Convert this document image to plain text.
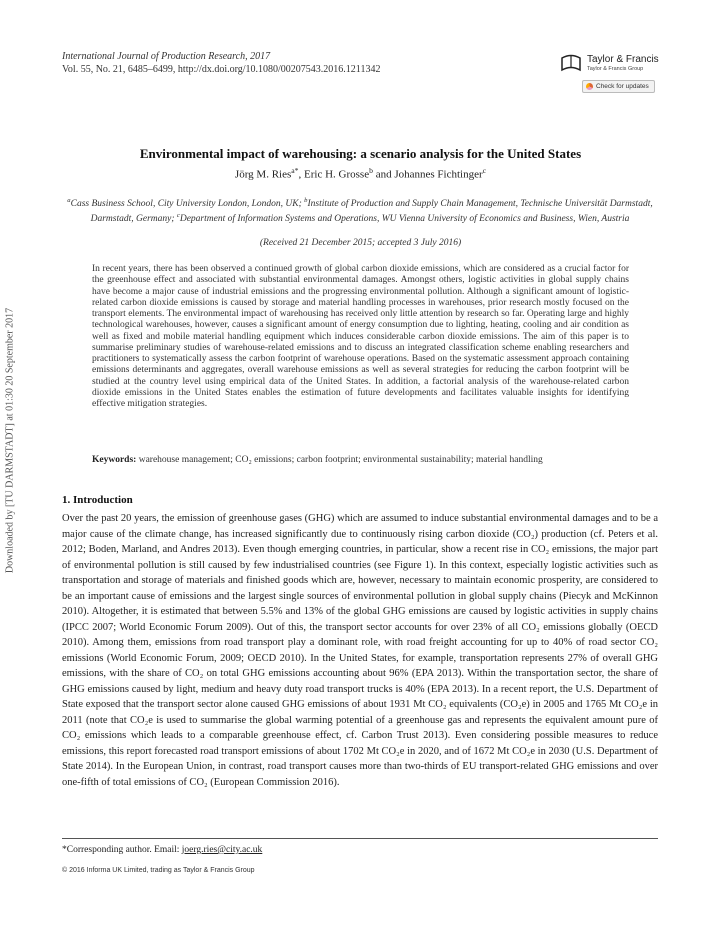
Downloaded by [TU DARMSTADT] at 01:30 20 September 2017
International Journal of Production Research, 2017
Vol. 55, No. 21, 6485–6499, http://dx.doi.org/10.1080/00207543.2016.1211342
Taylor & Francis
Taylor & Francis Group
Check for updates
Environmental impact of warehousing: a scenario analysis for the United States
Jörg M. Ries$^{a*}$, Eric H. Grosse$^b$ and Johannes Fichtinger$^c$
$^a$Cass Business School, City University London, London, UK; $^b$Institute of Production and Supply Chain Management, Technische Universität Darmstadt, Darmstadt, Germany; $^c$Department of Information Systems and Operations, WU Vienna University of Economics and Business, Wien, Austria
(Received 21 December 2015; accepted 3 July 2016)
In recent years, there has been observed a continued growth of global carbon dioxide emissions, which are considered as a crucial factor for the greenhouse effect and associated with substantial environmental damages. Amongst others, logistic activities in global supply chains have become a major cause of industrial emissions and the progressing environmental pollution. Although a significant amount of logistic-related carbon dioxide emissions is caused by storage and material handling processes in warehouses, prior research mostly focused on the transport elements. The environmental impact of warehousing has received only little attention by research so far. Operating large and highly technological warehouses, however, causes a significant amount of energy consumption due to lighting, heating, cooling and air condition as well as fixed and mobile material handling equipment which induces considerable carbon dioxide emissions. The aim of this paper is to summarise preliminary studies of warehouse-related emissions and to discuss an integrated classification scheme enabling researchers and practitioners to systematically assess the carbon footprint of warehouse operations. Based on the systematic assessment approach containing emissions determinants and aggregates, overall warehouse emissions as well as several strategies for reducing the carbon footprint will be studied at the country level using empirical data of the United States. In addition, a factorial analysis of the warehouse-related carbon dioxide emissions in the United States enables the estimation of future developments and facilitates valuable insights for identifying effective mitigation strategies.
Keywords: warehouse management; CO₂ emissions; carbon footprint; environmental sustainability; material handling
1. Introduction
Over the past 20 years, the emission of greenhouse gases (GHG) which are assumed to induce substantial environmental damages and to be a major cause of the climate change, has increased significantly due to continuously rising carbon dioxide (CO₂) production (cf. Peters et al. 2012; Boden, Marland, and Andres 2013). Even though emerging countries, in particular, show a recent rise in CO₂ emissions, the major part of environmental pollution is still caused by few industrialised countries (see Figure 1). In this context, especially logistic activities such as transportation and storage of materials and finished goods which are, however, necessary to maintain economic prosperity, are considered to be an important cause of emissions and the largest single sources of environmental pollution in global supply chains (Piecyk and McKinnon 2010). Altogether, it is estimated that between 5.5% and 13% of the global GHG emissions are caused by logistic activities in supply chains (IPCC 2007; World Economic Forum 2009). Out of this, the transport sector accounts for over 23% of all CO₂ emissions globally (OECD 2010). Among them, emissions from road transport play a dominant role, with road freight accounting for up to 40% of road sector CO₂ emissions (World Economic Forum, 2009; OECD 2010). In the United States, for example, transportation represents 27% of overall GHG emissions, with the share of CO₂ on total GHG emissions accounting about 96% (EPA 2013). Within the transportation sector, the share of GHG emissions caused by light, medium and heavy duty road transport trucks is 40% (EPA 2013). In a recent report, the U.S. Department of State exposed that the transport sector alone caused GHG emissions of about 1931 Mt CO₂ equivalents (CO₂e) in 2005 and 1765 Mt CO₂e in 2011 (note that CO₂e is used to summarise the global warming potential of a greenhouse gas and represents the equivalent amount pure of CO₂ emissions which leads to a comparable greenhouse effect, cf. Carbon Trust 2013). Even considering possible measures to reduce emissions, this report forecasted road transport emissions of about 1702 Mt CO₂e in 2020, and of 1672 Mt CO₂e in 2030 (U.S. Department of State 2014). In the European Union, in contrast, road transport causes more than two-thirds of EU transport-related GHG emissions and over one-fifth of total emissions of CO₂ (European Commission 2016).
*Corresponding author. Email: joerg.ries@city.ac.uk
© 2016 Informa UK Limited, trading as Taylor & Francis Group
